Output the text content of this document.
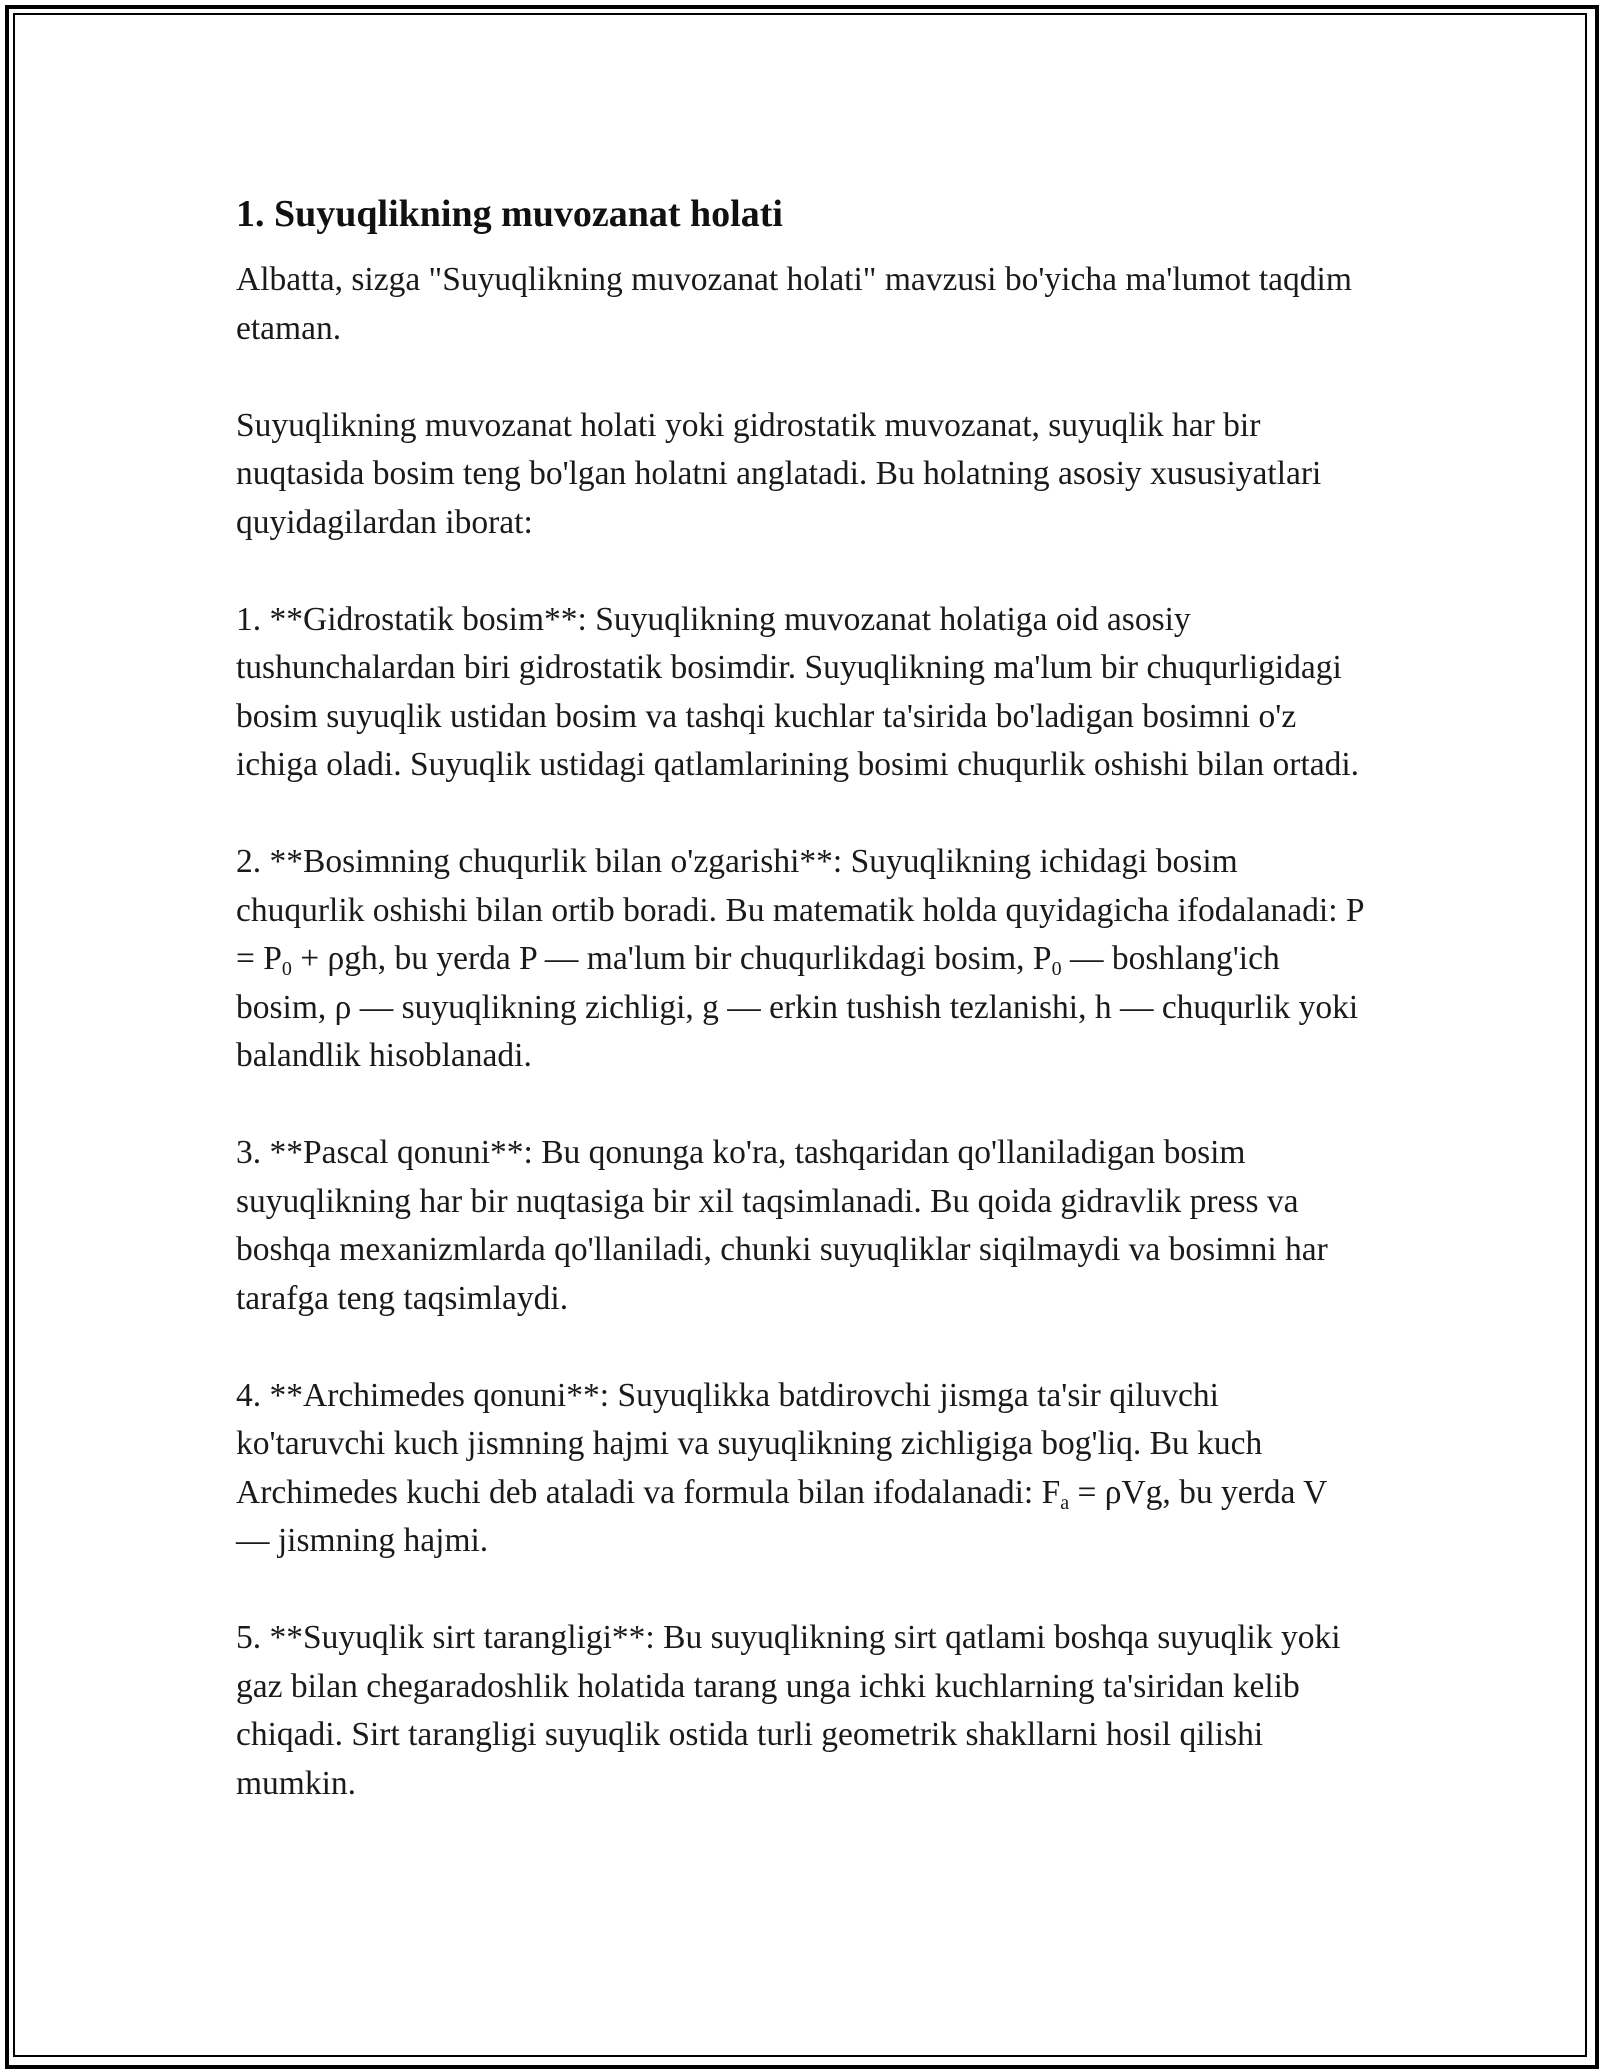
1. Suyuqlikning muvozanat holati

Albatta, sizga "Suyuqlikning muvozanat holati" mavzusi bo'yicha ma'lumot taqdim etaman.

Suyuqlikning muvozanat holati yoki gidrostatik muvozanat, suyuqlik har bir nuqtasida bosim teng bo'lgan holatni anglatadi. Bu holatning asosiy xususiyatlari quyidagilardan iborat:

1. **Gidrostatik bosim**: Suyuqlikning muvozanat holatiga oid asosiy tushunchalardan biri gidrostatik bosimdir. Suyuqlikning ma'lum bir chuqurligidagi bosim suyuqlik ustidan bosim va tashqi kuchlar ta'sirida bo'ladigan bosimni o'z ichiga oladi. Suyuqlik ustidagi qatlamlarining bosimi chuqurlik oshishi bilan ortadi.

2. **Bosimning chuqurlik bilan o'zgarishi**: Suyuqlikning ichidagi bosim chuqurlik oshishi bilan ortib boradi. Bu matematik holda quyidagicha ifodalanadi: $P = P_0 + \rho gh$, bu yerda P — ma'lum bir chuqurlikdagi bosim, $P_0$ — boshlang'ich bosim, ρ — suyuqlikning zichligi, g — erkin tushish tezlanishi, h — chuqurlik yoki balandlik hisoblanadi.

3. **Pascal qonuni**: Bu qonunga ko'ra, tashqaridan qo'llaniladigan bosim suyuqlikning har bir nuqtasiga bir xil taqsimlanadi. Bu qoida gidravlik press va boshqa mexanizmlarda qo'llaniladi, chunki suyuqliklar siqilmaydi va bosimni har tarafga teng taqsimlaydi.

4. **Archimedes qonuni**: Suyuqlikka batdirovchi jismga ta'sir qiluvchi ko'taruvchi kuch jismning hajmi va suyuqlikning zichligiga bog'liq. Bu kuch Archimedes kuchi deb ataladi va formula bilan ifodalanadi: $F_a = \rho Vg$, bu yerda V — jismning hajmi.

5. **Suyuqlik sirt tarangligi**: Bu suyuqlikning sirt qatlami boshqa suyuqlik yoki gaz bilan chegaradoshlik holatida tarang unga ichki kuchlarning ta'siridan kelib chiqadi. Sirt tarangligi suyuqlik ostida turli geometrik shakllarni hosil qilishi mumkin.
